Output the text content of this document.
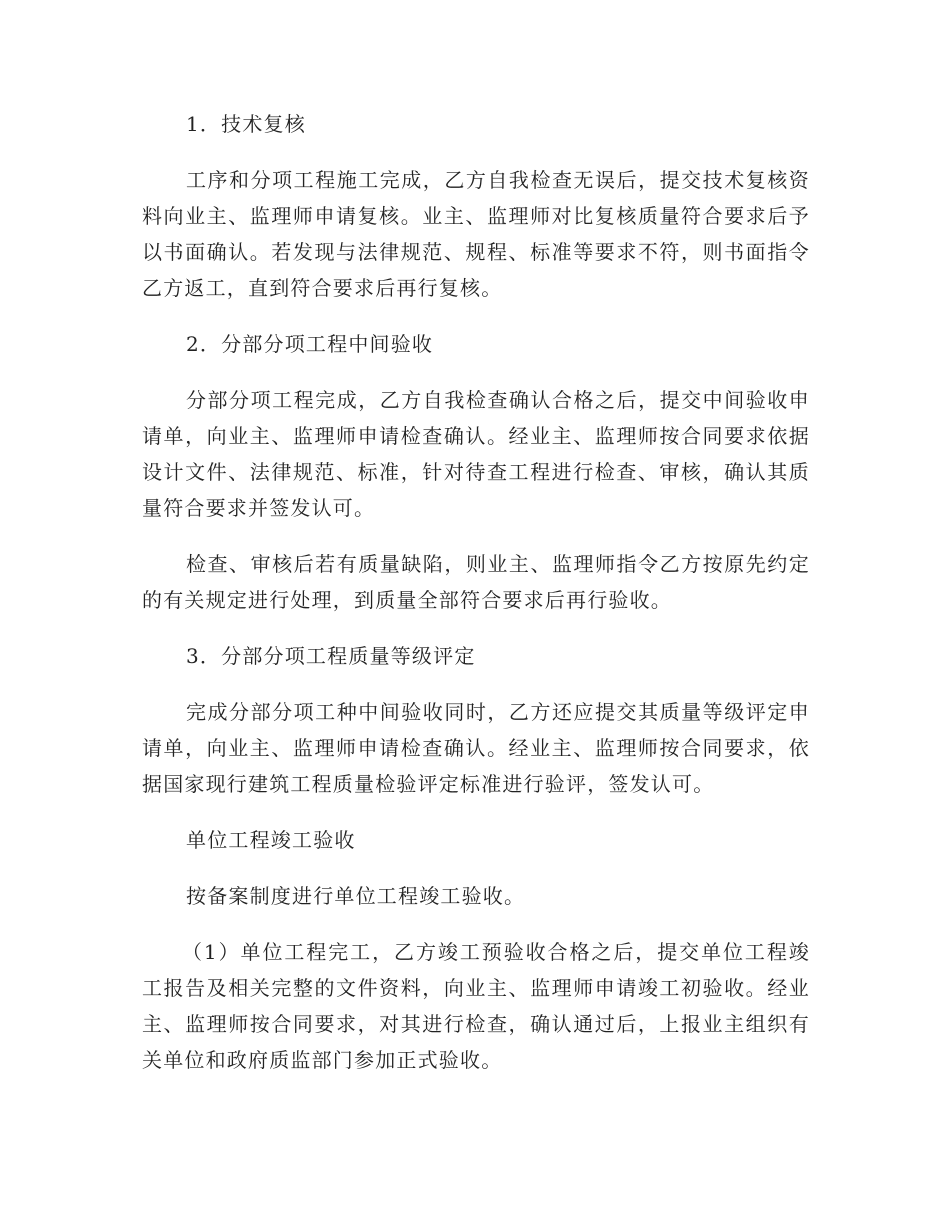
1．技术复核

工序和分项工程施工完成，乙方自我检查无误后，提交技术复核资料向业主、监理师申请复核。业主、监理师对比复核质量符合要求后予以书面确认。若发现与法律规范、规程、标准等要求不符，则书面指令乙方返工，直到符合要求后再行复核。

2．分部分项工程中间验收

分部分项工程完成，乙方自我检查确认合格之后，提交中间验收申请单，向业主、监理师申请检查确认。经业主、监理师按合同要求依据设计文件、法律规范、标准，针对待查工程进行检查、审核，确认其质量符合要求并签发认可。

检查、审核后若有质量缺陷，则业主、监理师指令乙方按原先约定的有关规定进行处理，到质量全部符合要求后再行验收。

3．分部分项工程质量等级评定

完成分部分项工种中间验收同时，乙方还应提交其质量等级评定申请单，向业主、监理师申请检查确认。经业主、监理师按合同要求，依据国家现行建筑工程质量检验评定标准进行验评，签发认可。

单位工程竣工验收

按备案制度进行单位工程竣工验收。

（1）单位工程完工，乙方竣工预验收合格之后，提交单位工程竣工报告及相关完整的文件资料，向业主、监理师申请竣工初验收。经业主、监理师按合同要求，对其进行检查，确认通过后，上报业主组织有关单位和政府质监部门参加正式验收。
